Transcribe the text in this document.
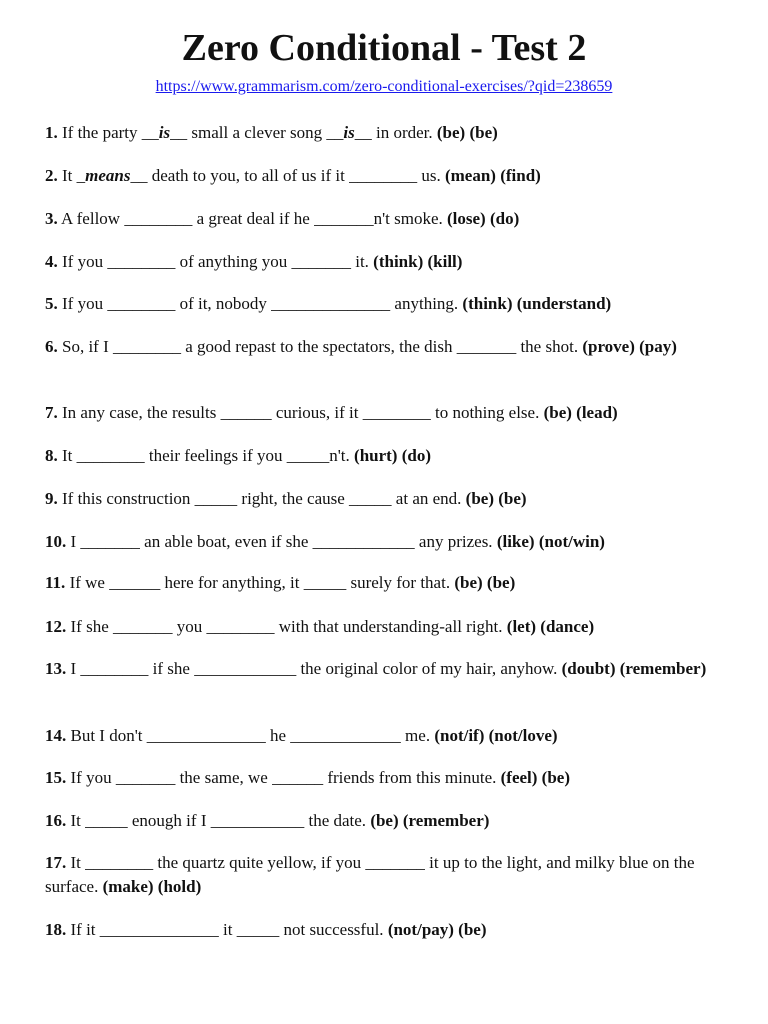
Zero Conditional - Test 2
https://www.grammarism.com/zero-conditional-exercises/?qid=238659

1. If the party __is__ small a clever song __is__ in order. (be) (be)

2. It _means__ death to you, to all of us if it ________ us. (mean) (find)

3. A fellow ________ a great deal if he _______n't smoke. (lose) (do)

4. If you ________ of anything you _______ it. (think) (kill)

5. If you ________ of it, nobody ______________ anything. (think) (understand)

6. So, if I ________ a good repast to the spectators, the dish _______ the shot. (prove) (pay)

7. In any case, the results ______ curious, if it ________ to nothing else. (be) (lead)

8. It ________ their feelings if you _____n't. (hurt) (do)

9. If this construction _____ right, the cause _____ at an end. (be) (be)

10. I _______ an able boat, even if she ____________ any prizes. (like) (not/win)

11. If we ______ here for anything, it _____ surely for that. (be) (be)

12. If she _______ you ________ with that understanding-all right. (let) (dance)

13. I ________ if she ____________ the original color of my hair, anyhow. (doubt) (remember)

14. But I don't ______________ he _____________ me. (not/if) (not/love)

15. If you _______ the same, we ______ friends from this minute. (feel) (be)

16. It _____ enough if I ___________ the date. (be) (remember)

17. It ________ the quartz quite yellow, if you _______ it up to the light, and milky blue on the surface. (make) (hold)

18. If it ______________ it _____ not successful. (not/pay) (be)
